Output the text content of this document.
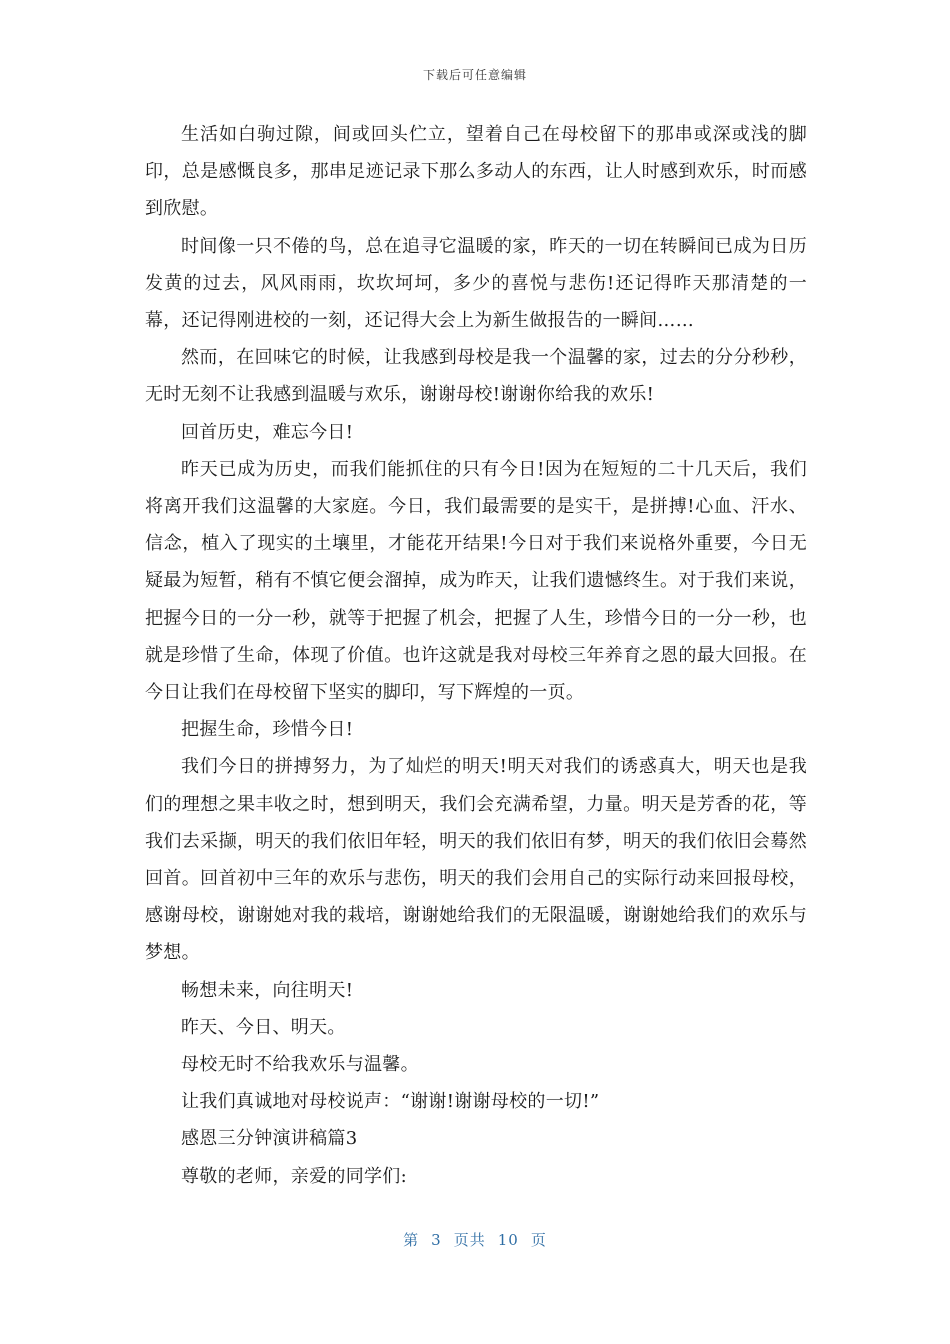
下载后可任意编辑

生活如白驹过隙，间或回头伫立，望着自己在母校留下的那串或深或浅的脚印，总是感慨良多，那串足迹记录下那么多动人的东西，让人时感到欢乐，时而感到欣慰。

时间像一只不倦的鸟，总在追寻它温暖的家，昨天的一切在转瞬间已成为日历发黄的过去，风风雨雨，坎坎坷坷，多少的喜悦与悲伤!还记得昨天那清楚的一幕，还记得刚进校的一刻，还记得大会上为新生做报告的一瞬间……

然而，在回味它的时候，让我感到母校是我一个温馨的家，过去的分分秒秒，无时无刻不让我感到温暖与欢乐，谢谢母校!谢谢你给我的欢乐!

回首历史，难忘今日!

昨天已成为历史，而我们能抓住的只有今日!因为在短短的二十几天后，我们将离开我们这温馨的大家庭。今日，我们最需要的是实干，是拼搏!心血、汗水、信念，植入了现实的土壤里，才能花开结果!今日对于我们来说格外重要，今日无疑最为短暂，稍有不慎它便会溜掉，成为昨天，让我们遗憾终生。对于我们来说，把握今日的一分一秒，就等于把握了机会，把握了人生，珍惜今日的一分一秒，也就是珍惜了生命，体现了价值。也许这就是我对母校三年养育之恩的最大回报。在今日让我们在母校留下坚实的脚印，写下辉煌的一页。

把握生命，珍惜今日!

我们今日的拼搏努力，为了灿烂的明天!明天对我们的诱惑真大，明天也是我们的理想之果丰收之时，想到明天，我们会充满希望，力量。明天是芳香的花，等我们去采撷，明天的我们依旧年轻，明天的我们依旧有梦，明天的我们依旧会蓦然回首。回首初中三年的欢乐与悲伤，明天的我们会用自己的实际行动来回报母校，感谢母校，谢谢她对我的栽培，谢谢她给我们的无限温暖，谢谢她给我们的欢乐与梦想。

畅想未来，向往明天!

昨天、今日、明天。

母校无时不给我欢乐与温馨。

让我们真诚地对母校说声：“谢谢!谢谢母校的一切!”

感恩三分钟演讲稿篇3

尊敬的老师，亲爱的同学们:

第 3 页共 10 页
